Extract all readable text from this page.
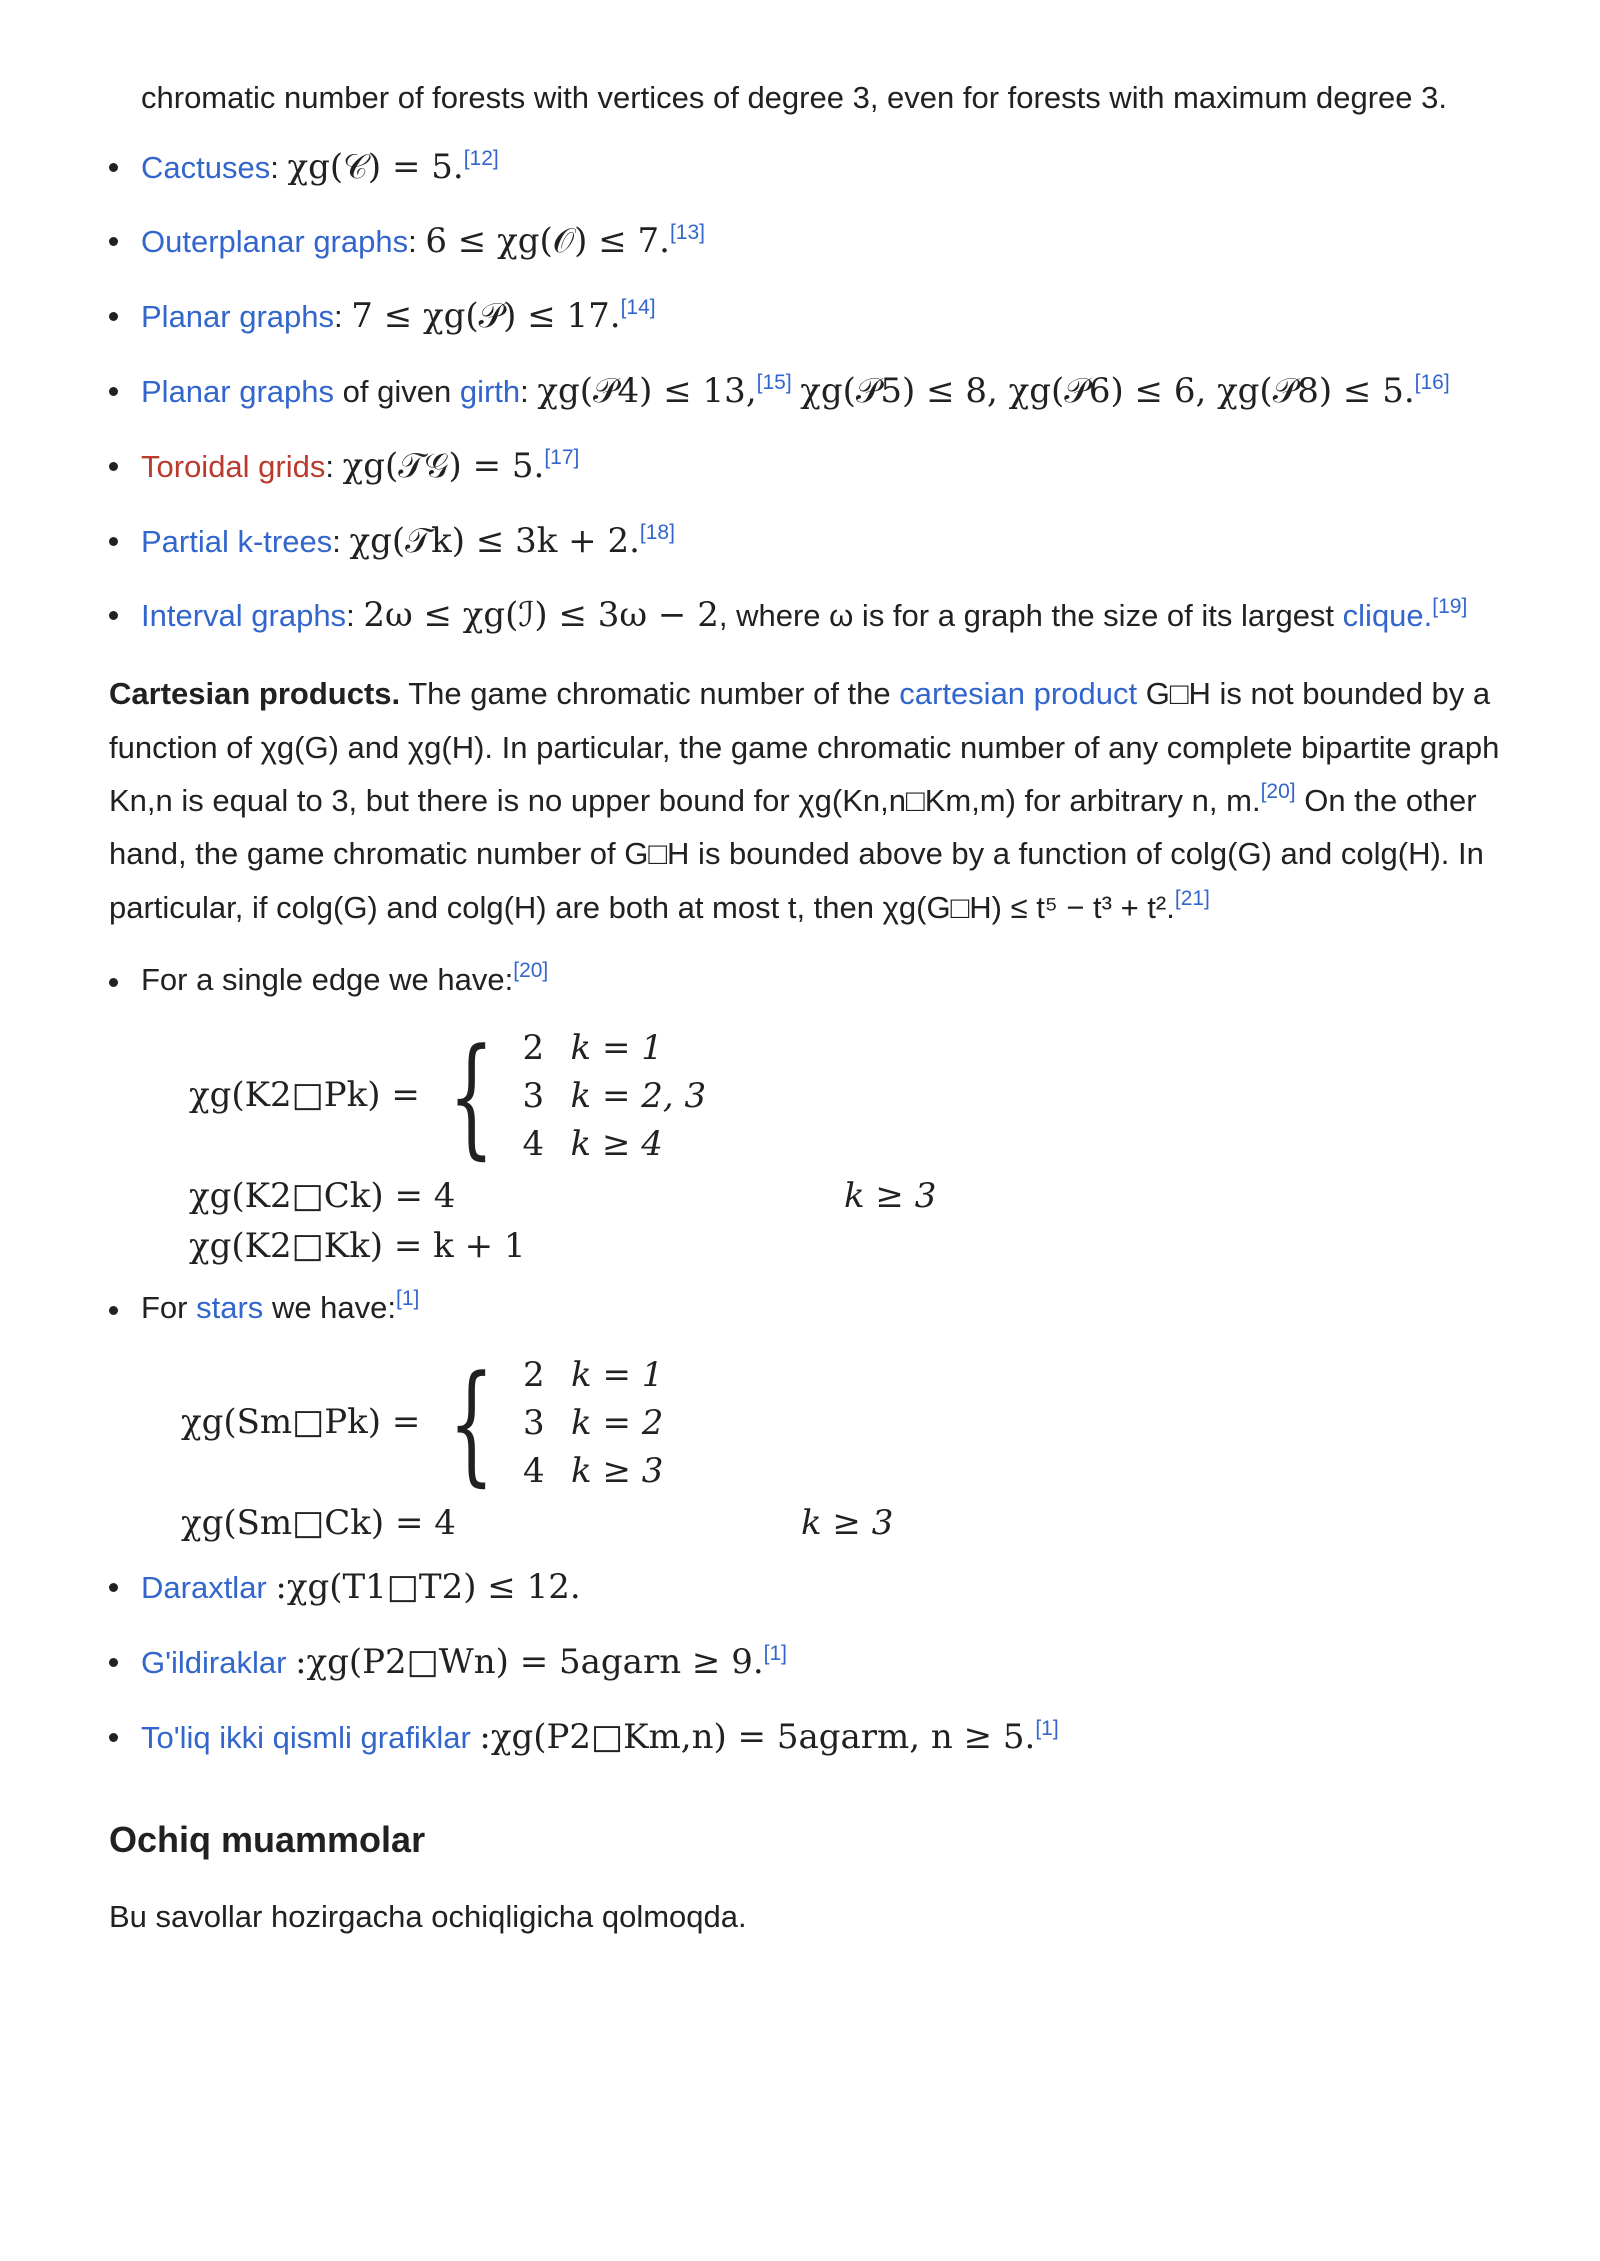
chromatic number of forests with vertices of degree 3, even for forests with maximum degree 3.

Cactuses: χg(𝒞) = 5.[12]
Outerplanar graphs: 6 ≤ χg(𝒪) ≤ 7.[13]
Planar graphs: 7 ≤ χg(𝒫) ≤ 17.[14]
Planar graphs of given girth: χg(𝒫4) ≤ 13,[15] χg(𝒫5) ≤ 8, χg(𝒫6) ≤ 6, χg(𝒫8) ≤ 5.[16]
Toroidal grids: χg(𝒯𝒢) = 5.[17]
Partial k-trees: χg(𝒯k) ≤ 3k + 2.[18]
Interval graphs: 2ω ≤ χg(ℐ) ≤ 3ω − 2, where ω is for a graph the size of its largest clique.[19]

Cartesian products. The game chromatic number of the cartesian product G□H is not bounded by a function of χg(G) and χg(H). In particular, the game chromatic number of any complete bipartite graph Kn,n is equal to 3, but there is no upper bound for χg(Kn,n□Km,m) for arbitrary n, m.[20] On the other hand, the game chromatic number of G□H is bounded above by a function of colg(G) and colg(H). In particular, if colg(G) and colg(H) are both at most t, then χg(G□H) ≤ t⁵ − t³ + t².[21]

For a single edge we have:[20]
χg(K2□Pk) = { 2 k = 1
3 k = 2, 3
4 k ≥ 4
χg(K2□Ck) = 4	k ≥ 3
χg(K2□Kk) = k + 1
For stars we have:[1]
χg(Sm□Pk) = { 2 k = 1
3 k = 2
4 k ≥ 3
χg(Sm□Ck) = 4	k ≥ 3
Daraxtlar :χg(T1□T2) ≤ 12.
G'ildiraklar :χg(P2□Wn) = 5agarn ≥ 9.[1]
To'liq ikki qismli grafiklar :χg(P2□Km,n) = 5agarm, n ≥ 5.[1]
Ochiq muammolar

Bu savollar hozirgacha ochiqligicha qolmoqda.
